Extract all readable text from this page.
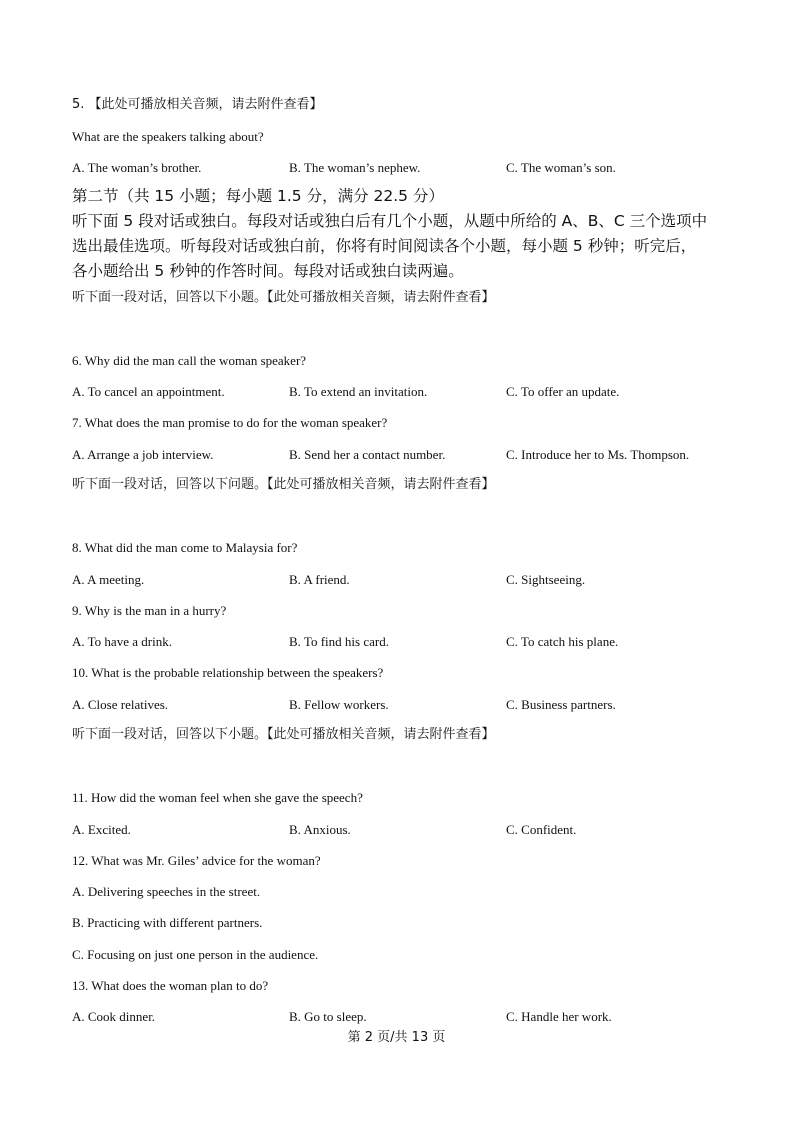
5. 【此处可播放相关音频，请去附件查看】
What are the speakers talking about?
A. The woman’s brother.	B. The woman’s nephew.	C. The woman’s son.
第二节（共 15 小题；每小题 1.5 分，满分 22.5 分）
听下面 5 段对话或独白。每段对话或独白后有几个小题，从题中所给的 A、B、C 三个选项中
选出最佳选项。听每段对话或独白前，你将有时间阅读各个小题，每小题 5 秒钟；听完后，
各小题给出 5 秒钟的作答时间。每段对话或独白读两遍。
听下面一段对话，回答以下小题。【此处可播放相关音频，请去附件查看】
6. Why did the man call the woman speaker?
A. To cancel an appointment.	B. To extend an invitation.	C. To offer an update.
7. What does the man promise to do for the woman speaker?
A. Arrange a job interview.	B. Send her a contact number.	C. Introduce her to Ms. Thompson.
听下面一段对话，回答以下问题。【此处可播放相关音频，请去附件查看】
8. What did the man come to Malaysia for?
A. A meeting.	B. A friend.	C. Sightseeing.
9. Why is the man in a hurry?
A. To have a drink.	B. To find his card.	C. To catch his plane.
10. What is the probable relationship between the speakers?
A. Close relatives.	B. Fellow workers.	C. Business partners.
听下面一段对话，回答以下小题。【此处可播放相关音频，请去附件查看】
11. How did the woman feel when she gave the speech?
A. Excited.	B. Anxious.	C. Confident.
12. What was Mr. Giles’ advice for the woman?
A. Delivering speeches in the street.
B. Practicing with different partners.
C. Focusing on just one person in the audience.
13. What does the woman plan to do?
A. Cook dinner.	B. Go to sleep.	C. Handle her work.
第 2 页/共 13 页
